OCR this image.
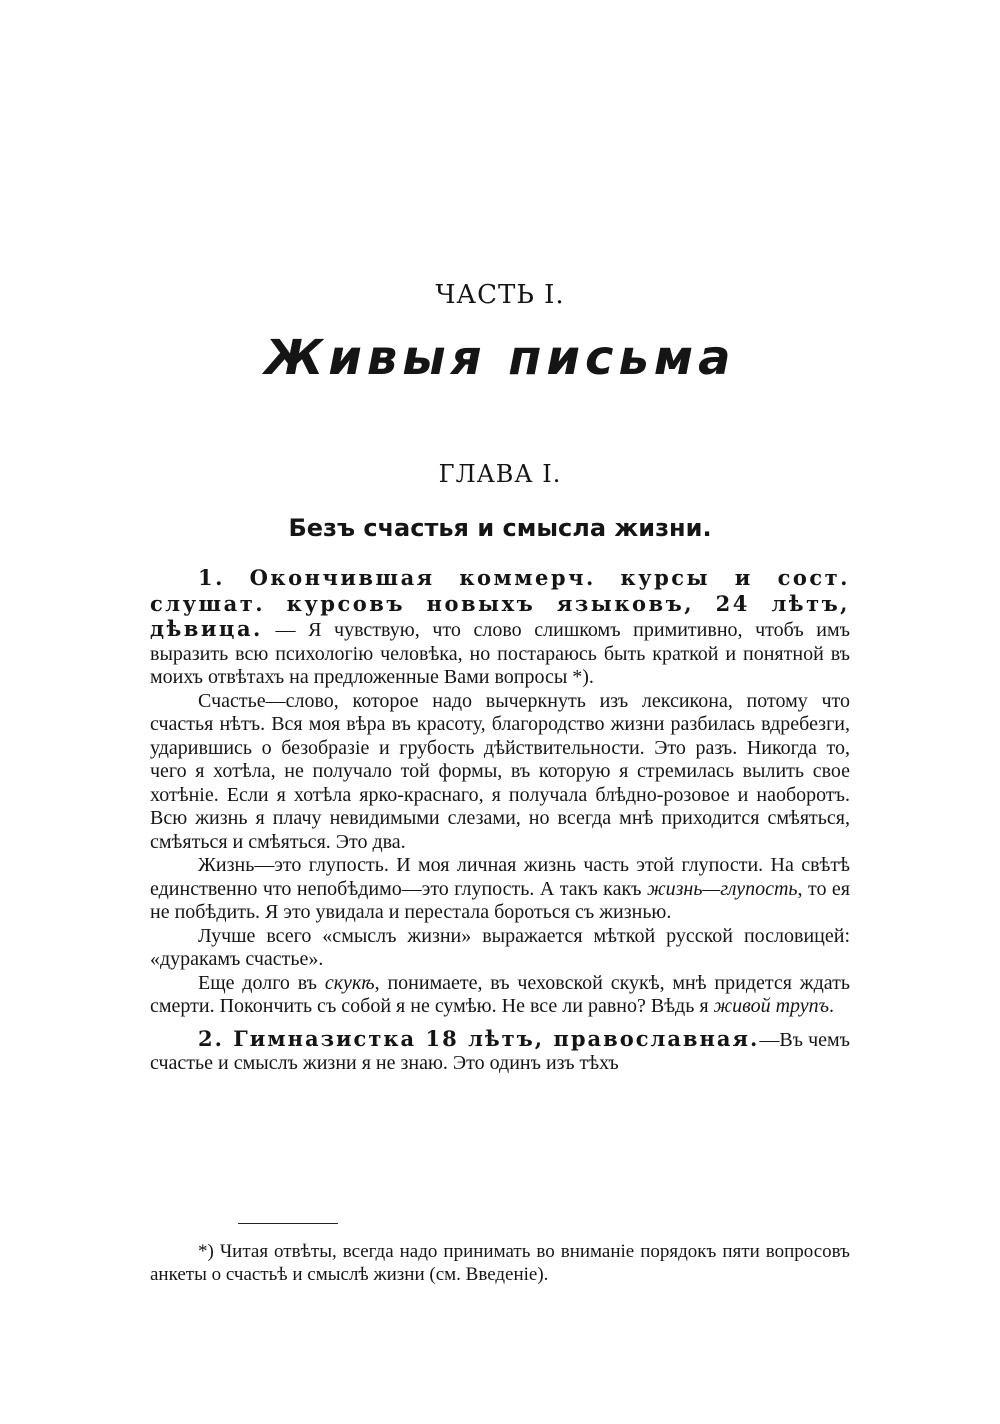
ЧАСТЬ I.
Живыя письма
ГЛАВА I.
Безъ счастья и смысла жизни.

1. Окончившая коммерч. курсы и сост. слушат. курсовъ новыхъ языковъ, 24 лѣтъ, дѣвица. — Я чувствую, что слово слишкомъ примитивно, чтобъ имъ выразить всю психологію человѣка, но постараюсь быть краткой и понятной въ моихъ отвѣтахъ на предложенные Вами вопросы *).

Счастье—слово, которое надо вычеркнуть изъ лексикона, потому что счастья нѣтъ. Вся моя вѣра въ красоту, благородство жизни разбилась вдребезги, ударившись о безобразіе и грубость дѣйствительности. Это разъ. Никогда то, чего я хотѣла, не получало той формы, въ которую я стремилась вылить свое хотѣніе. Если я хотѣла ярко-краснаго, я получала блѣдно-розовое и наоборотъ. Всю жизнь я плачу невидимыми слезами, но всегда мнѣ приходится смѣяться, смѣяться и смѣяться. Это два.

Жизнь—это глупость. И моя личная жизнь часть этой глупости. На свѣтѣ единственно что непобѣдимо—это глупость. А такъ какъ жизнь—глупость, то ея не побѣдить. Я это увидала и перестала бороться съ жизнью.

Лучше всего «смыслъ жизни» выражается мѣткой русской пословицей: «дуракамъ счастье».

Еще долго въ скукѣ, понимаете, въ чеховской скукѣ, мнѣ придется ждать смерти. Покончить съ собой я не сумѣю. Не все ли равно? Вѣдь я живой трупъ.

2. Гимназистка 18 лѣтъ, православная.—Въ чемъ счастье и смыслъ жизни я не знаю. Это одинъ изъ тѣхъ

*) Читая отвѣты, всегда надо принимать во вниманіе порядокъ пяти вопросовъ анкеты о счастьѣ и смыслѣ жизни (см. Введеніе).
